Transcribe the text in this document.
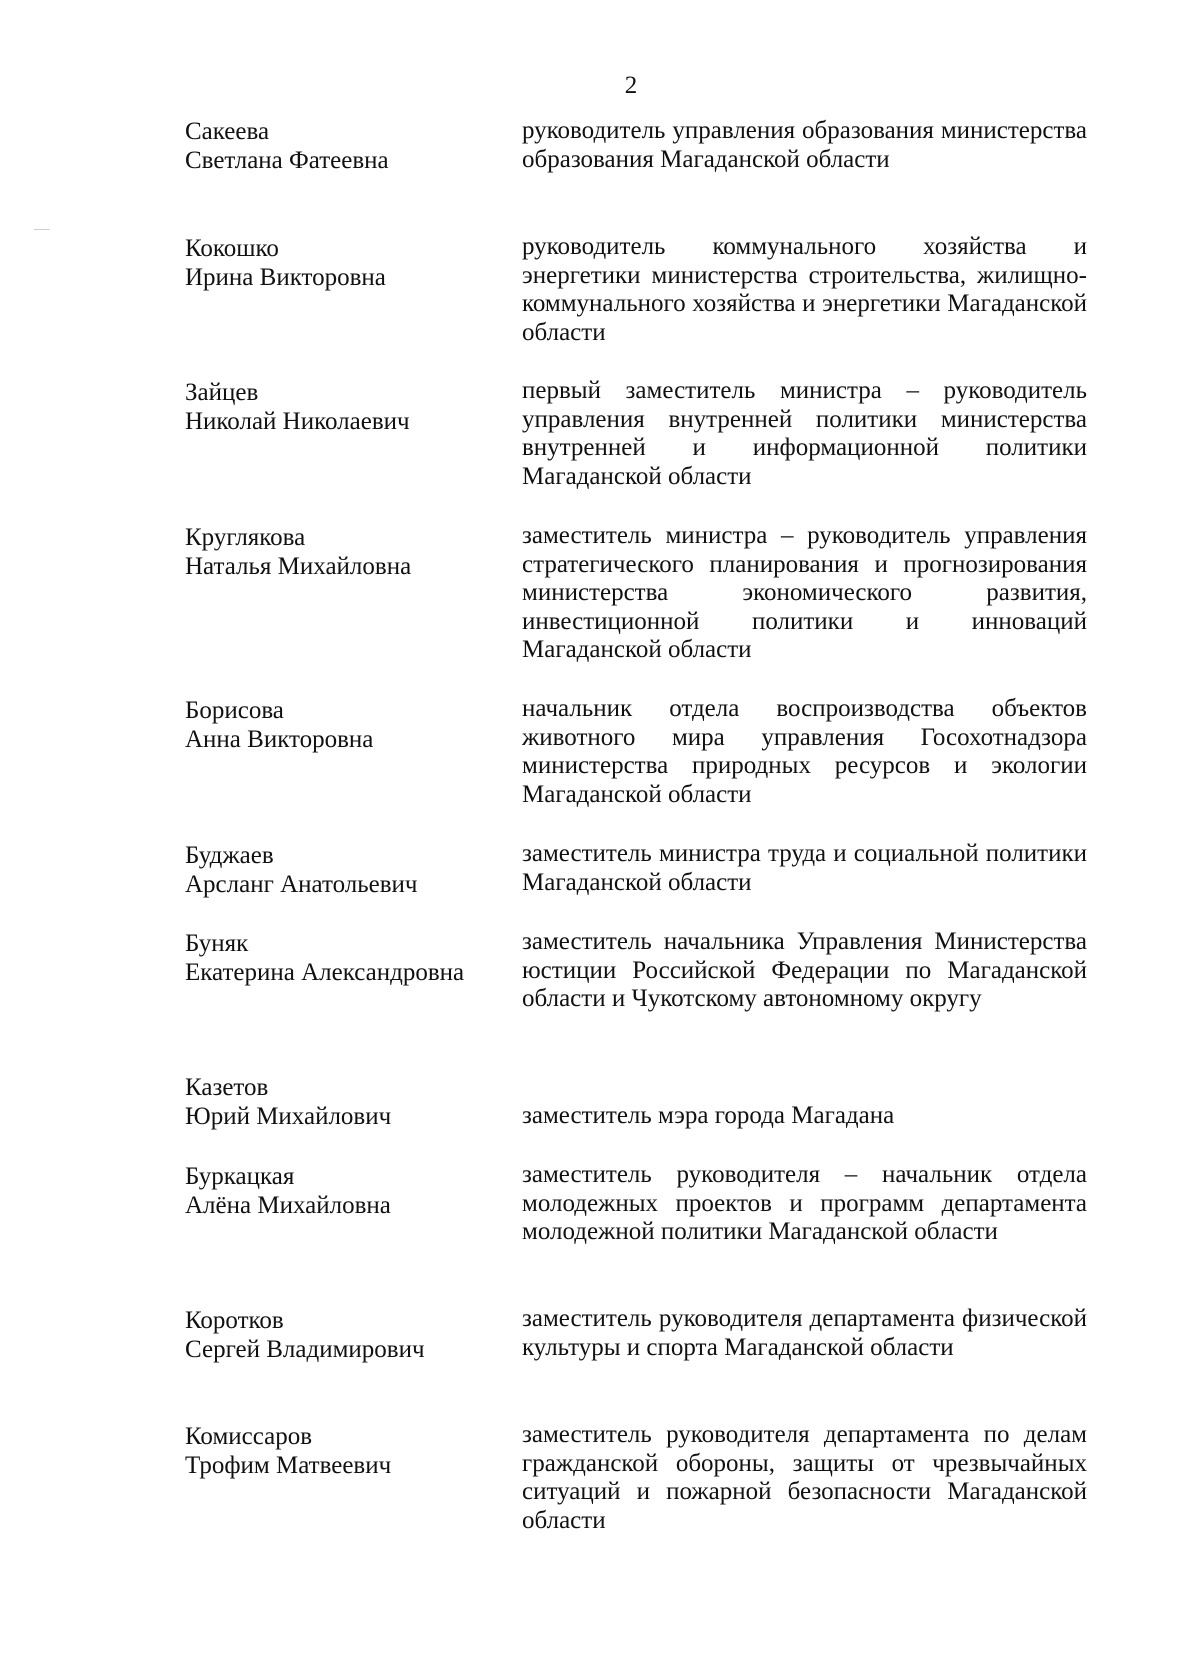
2
Сакеева
Светлана Фатеевна
руководитель управления образования министерства образования Магаданской области
Кокошко
Ирина Викторовна
руководитель коммунального хозяйства и энергетики министерства строительства, жилищно-коммунального хозяйства и энергетики Магаданской области
Зайцев
Николай Николаевич
первый заместитель министра – руководитель управления внутренней политики министерства внутренней и информационной политики Магаданской области
Круглякова
Наталья Михайловна
заместитель министра – руководитель управления стратегического планирования и прогнозирования министерства экономического развития, инвестиционной политики и инноваций Магаданской области
Борисова
Анна Викторовна
начальник отдела воспроизводства объектов животного мира управления Госохотнадзора министерства природных ресурсов и экологии Магаданской области
Буджаев
Арсланг Анатольевич
заместитель министра труда и социальной политики Магаданской области
Буняк
Екатерина Александровна
заместитель начальника Управления Министерства юстиции Российской Федерации по Магаданской области и Чукотскому автономному округу
Казетов
Юрий Михайлович	заместитель мэра города Магадана
Буркацкая
Алёна Михайловна
заместитель руководителя – начальник отдела молодежных проектов и программ департамента молодежной политики Магаданской области
Коротков
Сергей Владимирович
заместитель руководителя департамента физической культуры и спорта Магаданской области
Комиссаров
Трофим Матвеевич
заместитель руководителя департамента по делам гражданской обороны, защиты от чрезвычайных ситуаций и пожарной безопасности Магаданской области
